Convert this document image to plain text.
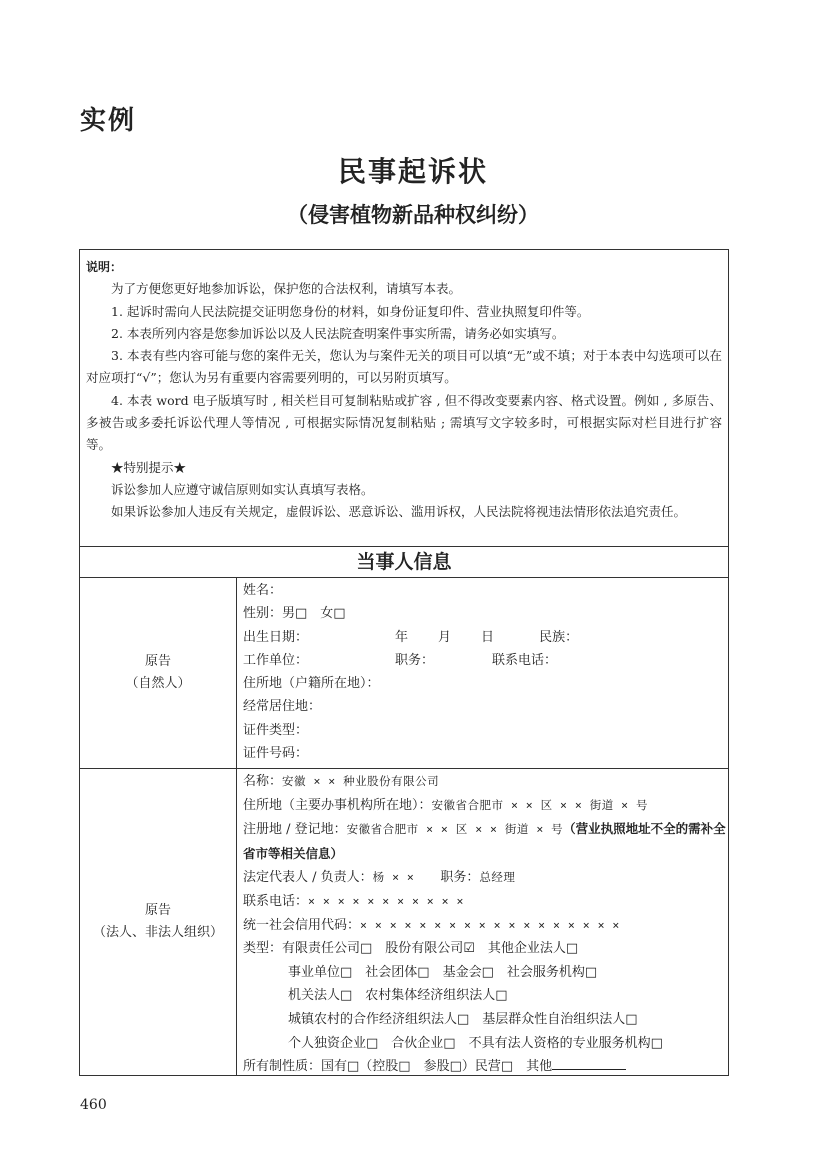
实例
民事起诉状
（侵害植物新品种权纠纷）

说明：

为了方便您更好地参加诉讼，保护您的合法权利，请填写本表。

1. 起诉时需向人民法院提交证明您身份的材料，如身份证复印件、营业执照复印件等。

2. 本表所列内容是您参加诉讼以及人民法院查明案件事实所需，请务必如实填写。

3. 本表有些内容可能与您的案件无关，您认为与案件无关的项目可以填“无”或不填；对于本表中勾选项可以在对应项打“√”；您认为另有重要内容需要列明的，可以另附页填写。

4. 本表 word 电子版填写时 , 相关栏目可复制粘贴或扩容 , 但不得改变要素内容、格式设置。例如 , 多原告、多被告或多委托诉讼代理人等情况 , 可根据实际情况复制粘贴 ; 需填写文字较多时，可根据实际对栏目进行扩容等。

★特别提示★

诉讼参加人应遵守诚信原则如实认真填写表格。

如果诉讼参加人违反有关规定，虚假诉讼、恶意诉讼、滥用诉权，人民法院将视违法情形依法追究责任。

当事人信息
原告
（自然人）
姓名：
性别：男□　女□
出生日期：	年 月 日	民族：
工作单位：	职务：	联系电话：
住所地（户籍所在地）：
经常居住地：
证件类型：
证件号码：
原告
（法人、非法人组织）
名称：安徽 × × 种业股份有限公司
住所地（主要办事机构所在地）：安徽省合肥市 × × 区 × × 街道 × 号
注册地 / 登记地：安徽省合肥市 × × 区 × × 街道 × 号（营业执照地址不全的需补全省市等相关信息）
法定代表人 / 负责人：杨 × × 职务：总经理
联系电话：× × × × × × × × × × ×
统一社会信用代码：× × × × × × × × × × × × × × × × × ×
类型：有限责任公司□　股份有限公司☑　其他企业法人□
事业单位□　社会团体□　基金会□　社会服务机构□
机关法人□　农村集体经济组织法人□
城镇农村的合作经济组织法人□　基层群众性自治组织法人□
个人独资企业□　合伙企业□　不具有法人资格的专业服务机构□
所有制性质：国有□（控股□　参股□）民营□　其他
460
